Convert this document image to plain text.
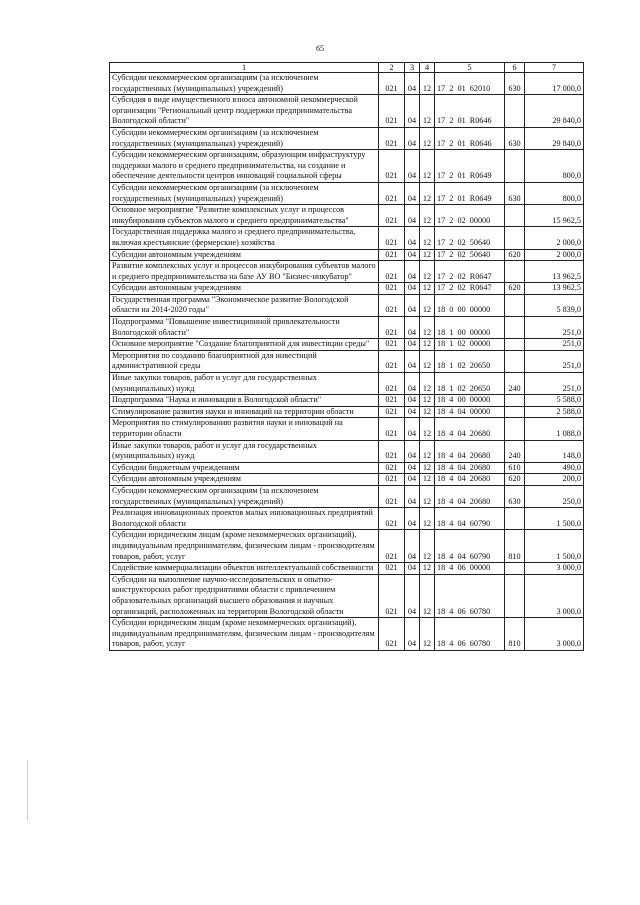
65
1	2	3	4	5	6	7
Субсидии некоммерческим организациям (за исключением государственных (муниципальных) учреждений)	021	04	12	17  2  01  62010	630	17 000,0
Субсидия в виде имущественного взноса автономной некоммерческой организации "Региональный центр поддержки предпринимательства Вологодской области"	021	04	12	17  2  01  R0646		29 840,0
Субсидии некоммерческим организациям (за исключением государственных (муниципальных) учреждений)	021	04	12	17  2  01  R0646	630	29 840,0
Субсидии некоммерческим организациям, образующим инфраструктуру поддержки малого и среднего предпринимательства, на создание и обеспечение деятельности центров инноваций социальной сферы	021	04	12	17  2  01  R0649		800,0
Субсидии некоммерческим организациям (за исключением государственных (муниципальных) учреждений)	021	04	12	17  2  01  R0649	630	800,0
Основное мероприятие "Развитие комплексных услуг и процессов инкубирования субъектов малого и среднего предпринимательства"	021	04	12	17  2  02  00000		15 962,5
Государственная поддержка малого и среднего предпринимательства, включая крестьянские (фермерские) хозяйства	021	04	12	17  2  02  50640		2 000,0
Субсидии автономным учреждениям	021	04	12	17  2  02  50640	620	2 000,0
Развитие комплексных услуг и процессов инкубирования субъектов малого и среднего предпринимательства на базе АУ ВО "Бизнес-инкубатор"	021	04	12	17  2  02  R0647		13 962,5
Субсидии автономным учреждениям	021	04	12	17  2  02  R0647	620	13 962,5
Государственная программа "Экономическое развитие Вологодской области на 2014-2020 годы"	021	04	12	18  0  00  00000		5 839,0
Подпрограмма "Повышение инвестиционной привлекательности Вологодской области"	021	04	12	18  1  00  00000		251,0
Основное мероприятие "Создание благоприятной для инвестиции среды"	021	04	12	18  1  02  00000		251,0
Мероприятия по созданию благоприятной для инвестиций административной среды	021	04	12	18  1  02  20650		251,0
Иные закупки товаров, работ и услуг для государственных (муниципальных) нужд	021	04	12	18  1  02  20650	240	251,0
Подпрограмма "Наука и инновации в Вологодской области"	021	04	12	18  4  00  00000		5 588,0
Стимулирование развития науки и инноваций на территории области	021	04	12	18  4  04  00000		2 588,0
Мероприятия по стимулированию развития науки и инноваций на территории области	021	04	12	18  4  04  20680		1 088,0
Иные закупки товаров, работ и услуг для государственных (муниципальных) нужд	021	04	12	18  4  04  20680	240	148,0
Субсидии бюджетным учреждениям	021	04	12	18  4  04  20680	610	490,0
Субсидии автономным учреждениям	021	04	12	18  4  04  20680	620	200,0
Субсидии некоммерческим организациям (за исключением государственных (муниципальных) учреждений)	021	04	12	18  4  04  20680	630	250,0
Реализация инновационных проектов малых инновационных предприятий Вологодской области	021	04	12	18  4  04  60790		1 500,0
Субсидии юридическим лицам (кроме некоммерческих организаций), индивидуальным предпринимателям, физическим лицам - производителям товаров, работ, услуг	021	04	12	18  4  04  60790	810	1 500,0
Содействие коммерциализации объектов интеллектуальной собственности	021	04	12	18  4  06  00000		3 000,0
Субсидии на выполнение научно-исследовательских и опытно-конструкторских работ предприятиями области с привлечением образовательных организаций высшего образования и научных организаций, расположенных на территории Вологодской области	021	04	12	18  4  06  60780		3 000,0
Субсидии юридическим лицам (кроме некоммерческих организаций), индивидуальным предпринимателям, физическим лицам - производителям товаров, работ, услуг	021	04	12	18  4  06  60780	810	3 000,0
